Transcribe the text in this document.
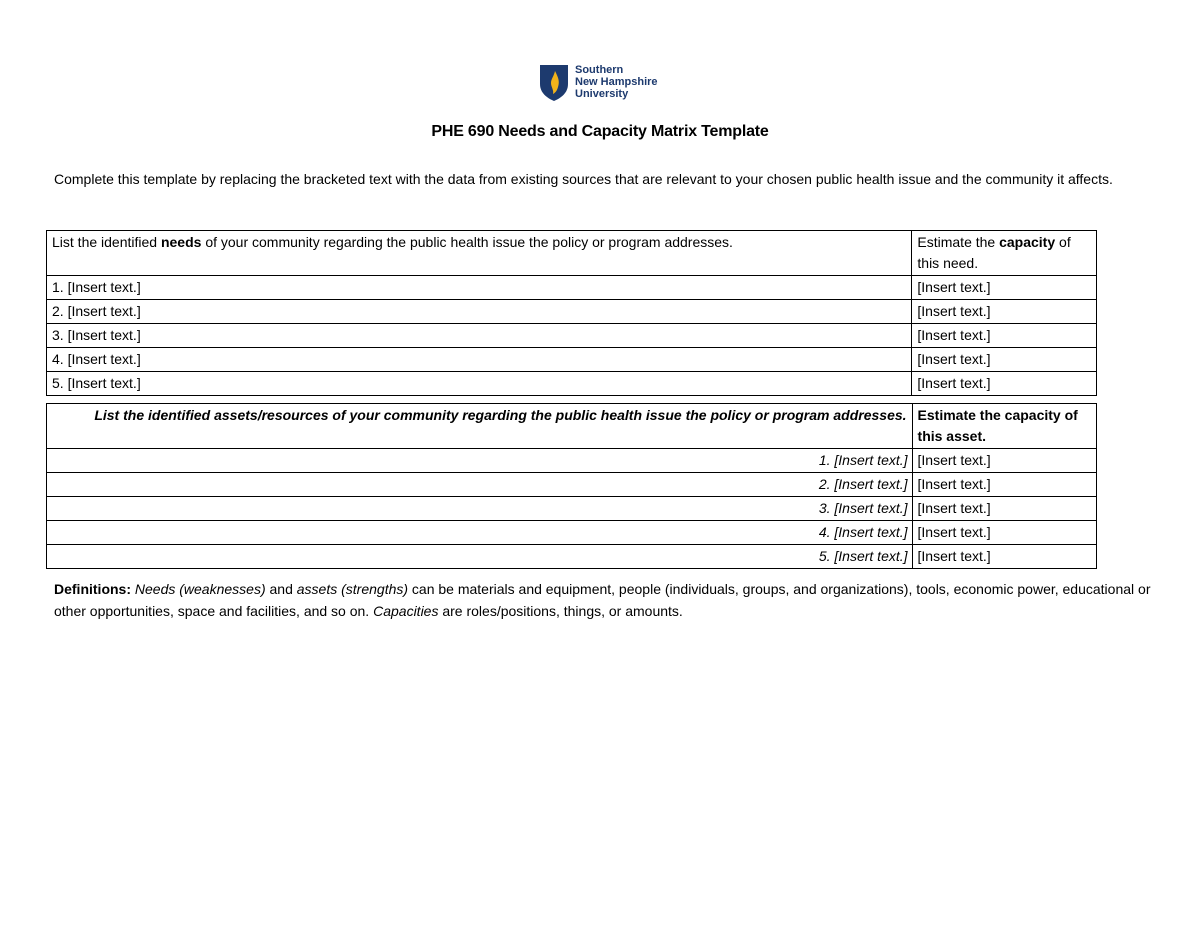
Southern
New Hampshire
University
PHE 690 Needs and Capacity Matrix Template
Complete this template by replacing the bracketed text with the data from existing sources that are relevant to your chosen public health issue and the community it affects.
List the identified needs of your community regarding the public health issue the policy or program addresses.	Estimate the capacity of this need.
1. [Insert text.]	[Insert text.]
2. [Insert text.]	[Insert text.]
3. [Insert text.]	[Insert text.]
4. [Insert text.]	[Insert text.]
5. [Insert text.]	[Insert text.]
List the identified assets/resources of your community regarding the public health issue the policy or program addresses.	Estimate the capacity of this asset.
1. [Insert text.]	[Insert text.]
2. [Insert text.]	[Insert text.]
3. [Insert text.]	[Insert text.]
4. [Insert text.]	[Insert text.]
5. [Insert text.]	[Insert text.]
Definitions: Needs (weaknesses) and assets (strengths) can be materials and equipment, people (individuals, groups, and organizations), tools, economic power, educational or other opportunities, space and facilities, and so on. Capacities are roles/positions, things, or amounts.
